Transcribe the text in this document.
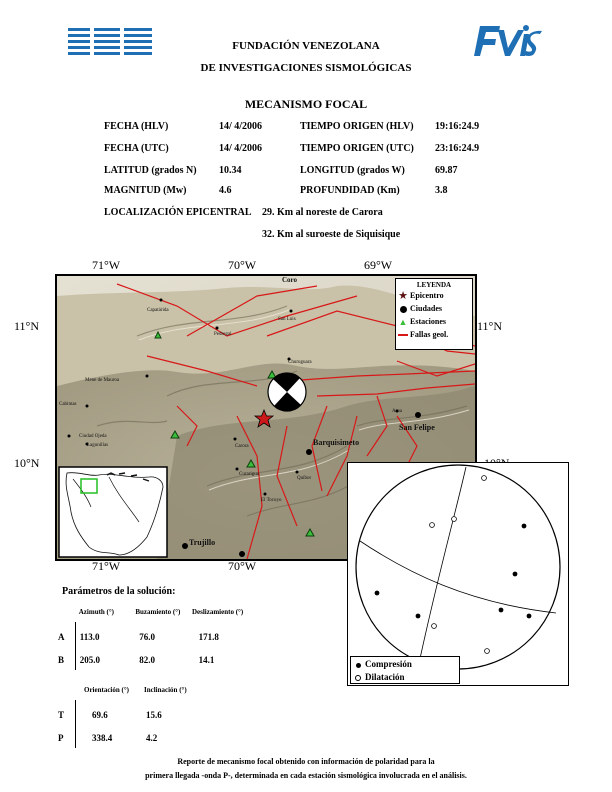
FUNDACIÓN VENEZOLANA
DE INVESTIGACIONES SISMOLÓGICAS
MECANISMO FOCAL
FECHA (HLV)	14/ 4/2006	TIEMPO ORIGEN (HLV) 19:16:24.9
FECHA (UTC)	14/ 4/2006	TIEMPO ORIGEN (UTC) 23:16:24.9
LATITUD (grados N) 10.34	LONGITUD (grados W)	69.87
MAGNITUD (Mw)	4.6	PROFUNDIDAD (Km)	3.8
LOCALIZACIÓN EPICENTRAL 29. Km al noreste de Carora
32. Km al suroeste de Siquisique
71°W	70°W	69°W
71°W	70°W
11°N
10°N
11°N
Coro
Capatárida
Pedregal
San Luis
Churuguara
Mene de Mauroa
Cabimas
Ciudad Ojeda
Lagunillas
Aroa
San Felipe
Barquisimeto
Carora
Curarigua
Quíbor
El Tocuyo
Trujillo
LEYENDA
★ Epicentro
Ciudades
▲ Estaciones
Fallas geol.
Compresión
Dilatación
Parámetros de la solución:
Azimuth (°)	Buzamiento (°)	Deslizamiento (°)
A	113.0	76.0	171.8
B	205.0	82.0	14.1
Orientación (°)	Inclinación (°)
T	69.6	15.6
P	338.4	4.2
Reporte de mecanismo focal obtenido con información de polaridad para la
primera llegada -onda P-, determinada en cada estación sismológica involucrada en el análisis.
